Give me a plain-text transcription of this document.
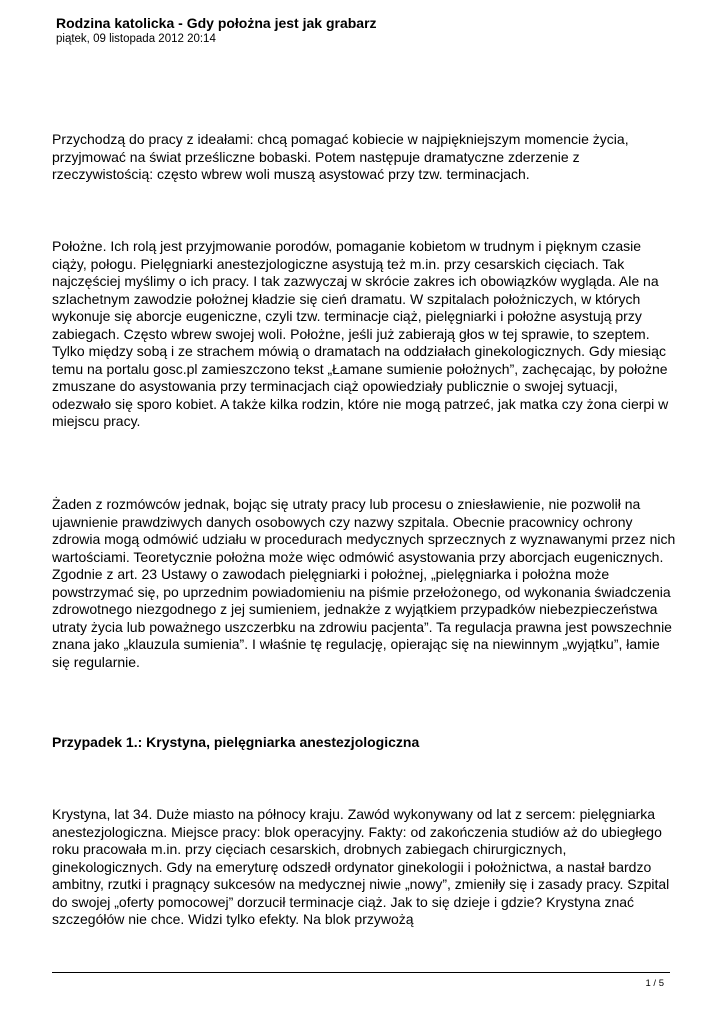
Rodzina katolicka - Gdy położna jest jak grabarz
piątek, 09 listopada 2012 20:14

Przychodzą do pracy z ideałami: chcą pomagać kobiecie w najpiękniejszym momencie życia, przyjmować na świat prześliczne bobaski. Potem następuje dramatyczne zderzenie z rzeczywistością: często wbrew woli muszą asystować przy tzw. terminacjach.

Położne. Ich rolą jest przyjmowanie porodów, pomaganie kobietom w trudnym i pięknym czasie ciąży, połogu. Pielęgniarki anestezjologiczne asystują też m.in. przy cesarskich cięciach. Tak najczęściej myślimy o ich pracy. I tak zazwyczaj w skrócie zakres ich obowiązków wygląda. Ale na szlachetnym zawodzie położnej kładzie się cień dramatu. W szpitalach położniczych, w których wykonuje się aborcje eugeniczne, czyli tzw. terminacje ciąż, pielęgniarki i położne asystują przy zabiegach. Często wbrew swojej woli. Położne, jeśli już zabierają głos w tej sprawie, to szeptem. Tylko między sobą i ze strachem mówią o dramatach na oddziałach ginekologicznych. Gdy miesiąc temu na portalu gosc.pl zamieszczono tekst „Łamane sumienie położnych”, zachęcając, by położne zmuszane do asystowania przy terminacjach ciąż opowiedziały publicznie o swojej sytuacji, odezwało się sporo kobiet. A także kilka rodzin, które nie mogą patrzeć, jak matka czy żona cierpi w miejscu pracy.

Żaden z rozmówców jednak, bojąc się utraty pracy lub procesu o zniesławienie, nie pozwolił na ujawnienie prawdziwych danych osobowych czy nazwy szpitala. Obecnie pracownicy ochrony zdrowia mogą odmówić udziału w procedurach medycznych sprzecznych z wyznawanymi przez nich wartościami. Teoretycznie położna może więc odmówić asystowania przy aborcjach eugenicznych. Zgodnie z art. 23 Ustawy o zawodach pielęgniarki i położnej, „pielęgniarka i położna może powstrzymać się, po uprzednim powiadomieniu na piśmie przełożonego, od wykonania świadczenia zdrowotnego niezgodnego z jej sumieniem, jednakże z wyjątkiem przypadków niebezpieczeństwa utraty życia lub poważnego uszczerbku na zdrowiu pacjenta”. Ta regulacja prawna jest powszechnie znana jako „klauzula sumienia”. I właśnie tę regulację, opierając się na niewinnym „wyjątku”, łamie się regularnie.

Przypadek 1.: Krystyna, pielęgniarka anestezjologiczna

Krystyna, lat 34. Duże miasto na północy kraju. Zawód wykonywany od lat z sercem: pielęgniarka anestezjologiczna. Miejsce pracy: blok operacyjny. Fakty: od zakończenia studiów aż do ubiegłego roku pracowała m.in. przy cięciach cesarskich, drobnych zabiegach chirurgicznych, ginekologicznych. Gdy na emeryturę odszedł ordynator ginekologii i położnictwa, a nastał bardzo ambitny, rzutki i pragnący sukcesów na medycznej niwie „nowy”, zmieniły się i zasady pracy. Szpital do swojej „oferty pomocowej” dorzucił terminacje ciąż. Jak to się dzieje i gdzie? Krystyna znać szczegółów nie chce. Widzi tylko efekty. Na blok przywożą

1 / 5
